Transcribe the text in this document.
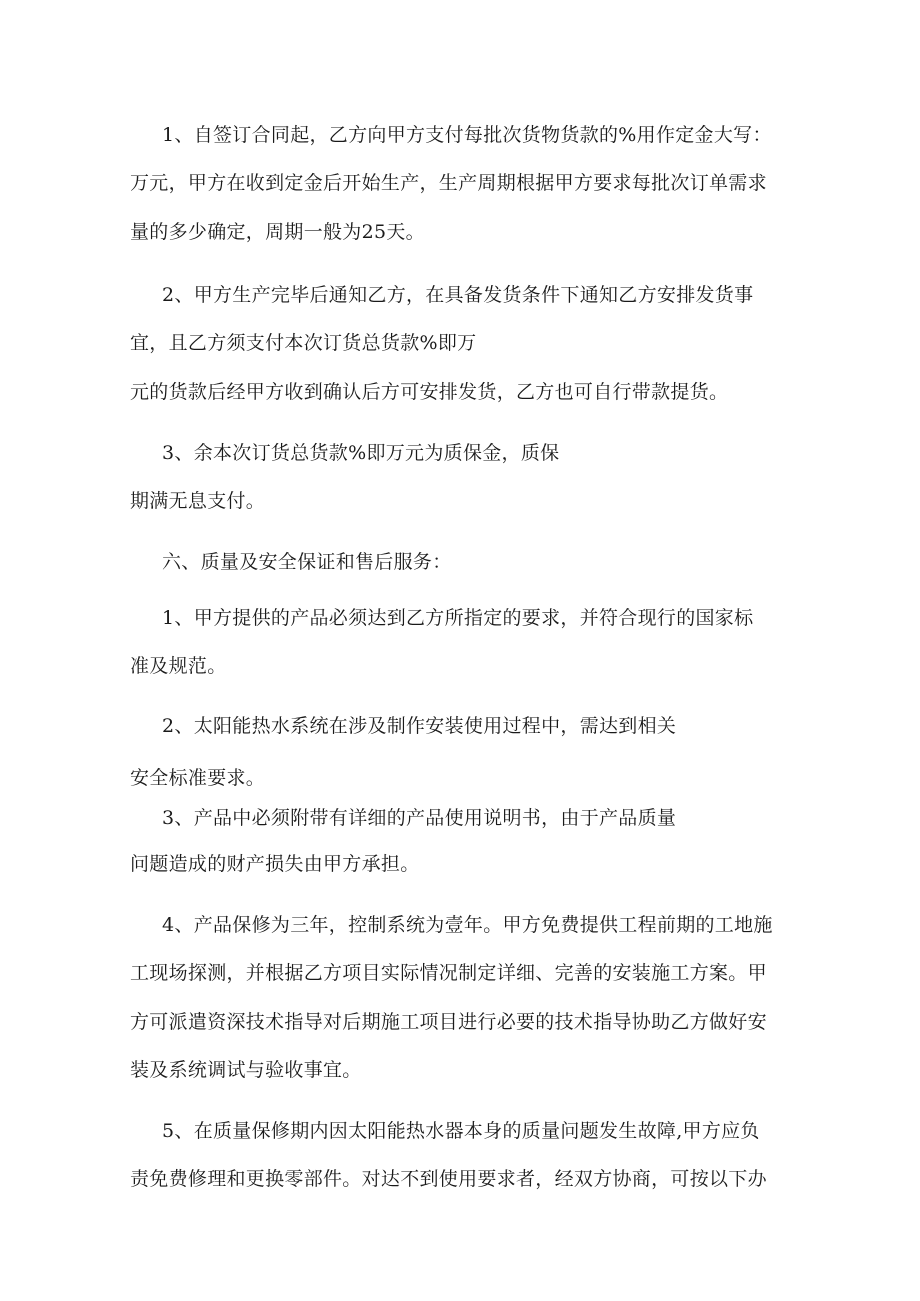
1、自签订合同起，乙方向甲方支付每批次货物货款的%用作定金大写：
万元，甲方在收到定金后开始生产，生产周期根据甲方要求每批次订单需求
量的多少确定，周期一般为25天。
2、甲方生产完毕后通知乙方，在具备发货条件下通知乙方安排发货事
宜，且乙方须支付本次订货总货款%即万
元的货款后经甲方收到确认后方可安排发货，乙方也可自行带款提货。
3、余本次订货总货款%即万元为质保金，质保
期满无息支付。
六、质量及安全保证和售后服务：
1、甲方提供的产品必须达到乙方所指定的要求，并符合现行的国家标
准及规范。
2、太阳能热水系统在涉及制作安装使用过程中，需达到相关
安全标准要求。
3、产品中必须附带有详细的产品使用说明书，由于产品质量
问题造成的财产损失由甲方承担。
4、产品保修为三年，控制系统为壹年。甲方免费提供工程前期的工地施
工现场探测，并根据乙方项目实际情况制定详细、完善的安装施工方案。甲
方可派遣资深技术指导对后期施工项目进行必要的技术指导协助乙方做好安
装及系统调试与验收事宜。
5、在质量保修期内因太阳能热水器本身的质量问题发生故障,甲方应负
责免费修理和更换零部件。对达不到使用要求者，经双方协商，可按以下办
